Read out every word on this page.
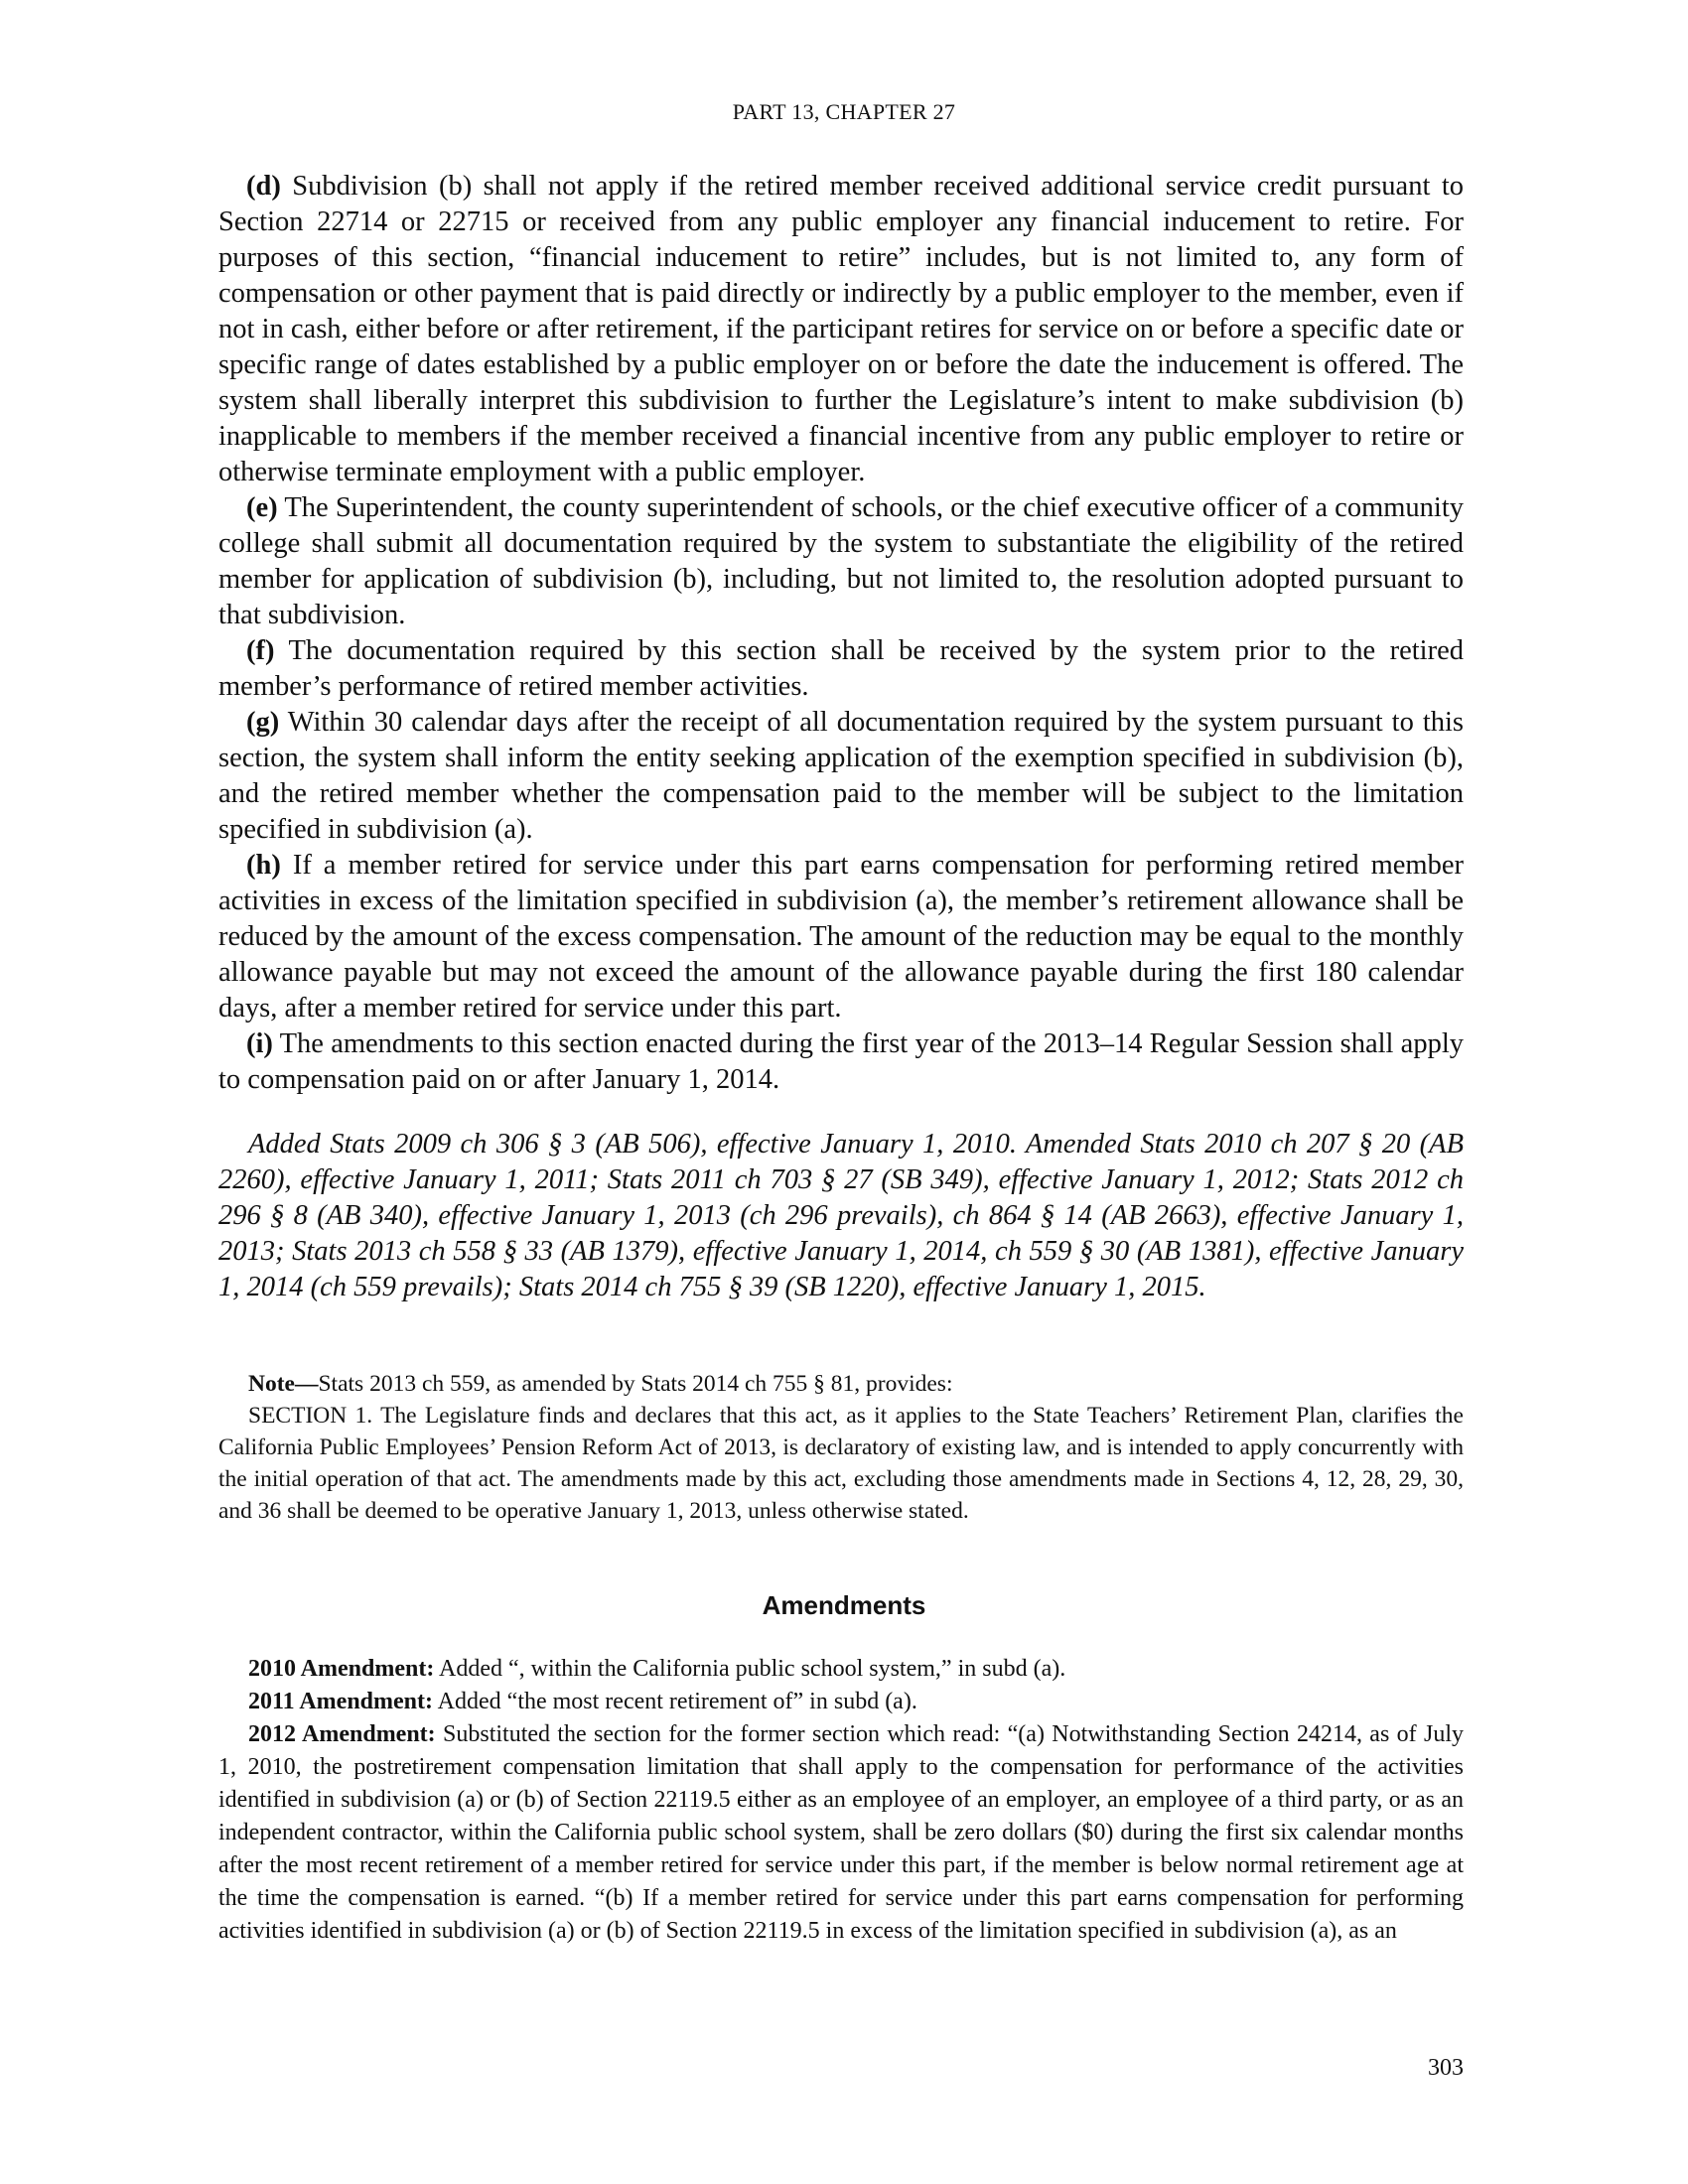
PART 13, CHAPTER 27

(d) Subdivision (b) shall not apply if the retired member received additional service credit pursuant to Section 22714 or 22715 or received from any public employer any financial inducement to retire. For purposes of this section, “financial inducement to retire” includes, but is not limited to, any form of compensation or other payment that is paid directly or indirectly by a public employer to the member, even if not in cash, either before or after retirement, if the participant retires for service on or before a specific date or specific range of dates established by a public employer on or before the date the inducement is offered. The system shall liberally interpret this subdivision to further the Legislature’s intent to make subdivision (b) inapplicable to members if the member received a financial incentive from any public employer to retire or otherwise terminate employment with a public employer.

(e) The Superintendent, the county superintendent of schools, or the chief executive officer of a community college shall submit all documentation required by the system to substantiate the eligibility of the retired member for application of subdivision (b), including, but not limited to, the resolution adopted pursuant to that subdivision.

(f) The documentation required by this section shall be received by the system prior to the retired member’s performance of retired member activities.

(g) Within 30 calendar days after the receipt of all documentation required by the system pursuant to this section, the system shall inform the entity seeking application of the exemption specified in subdivision (b), and the retired member whether the compensation paid to the member will be subject to the limitation specified in subdivision (a).

(h) If a member retired for service under this part earns compensation for performing retired member activities in excess of the limitation specified in subdivision (a), the member’s retirement allowance shall be reduced by the amount of the excess compensation. The amount of the reduction may be equal to the monthly allowance payable but may not exceed the amount of the allowance payable during the first 180 calendar days, after a member retired for service under this part.

(i) The amendments to this section enacted during the first year of the 2013–14 Regular Session shall apply to compensation paid on or after January 1, 2014.

Added Stats 2009 ch 306 § 3 (AB 506), effective January 1, 2010. Amended Stats 2010 ch 207 § 20 (AB 2260), effective January 1, 2011; Stats 2011 ch 703 § 27 (SB 349), effective January 1, 2012; Stats 2012 ch 296 § 8 (AB 340), effective January 1, 2013 (ch 296 prevails), ch 864 § 14 (AB 2663), effective January 1, 2013; Stats 2013 ch 558 § 33 (AB 1379), effective January 1, 2014, ch 559 § 30 (AB 1381), effective January 1, 2014 (ch 559 prevails); Stats 2014 ch 755 § 39 (SB 1220), effective January 1, 2015.

Note—Stats 2013 ch 559, as amended by Stats 2014 ch 755 § 81, provides:

SECTION 1. The Legislature finds and declares that this act, as it applies to the State Teachers’ Retirement Plan, clarifies the California Public Employees’ Pension Reform Act of 2013, is declaratory of existing law, and is intended to apply concurrently with the initial operation of that act. The amendments made by this act, excluding those amendments made in Sections 4, 12, 28, 29, 30, and 36 shall be deemed to be operative January 1, 2013, unless otherwise stated.

Amendments

2010 Amendment: Added “, within the California public school system,” in subd (a).

2011 Amendment: Added “the most recent retirement of” in subd (a).

2012 Amendment: Substituted the section for the former section which read: “(a) Notwithstanding Section 24214, as of July 1, 2010, the postretirement compensation limitation that shall apply to the compensation for performance of the activities identified in subdivision (a) or (b) of Section 22119.5 either as an employee of an employer, an employee of a third party, or as an independent contractor, within the California public school system, shall be zero dollars ($0) during the first six calendar months after the most recent retirement of a member retired for service under this part, if the member is below normal retirement age at the time the compensation is earned. “(b) If a member retired for service under this part earns compensation for performing activities identified in subdivision (a) or (b) of Section 22119.5 in excess of the limitation specified in subdivision (a), as an

303
